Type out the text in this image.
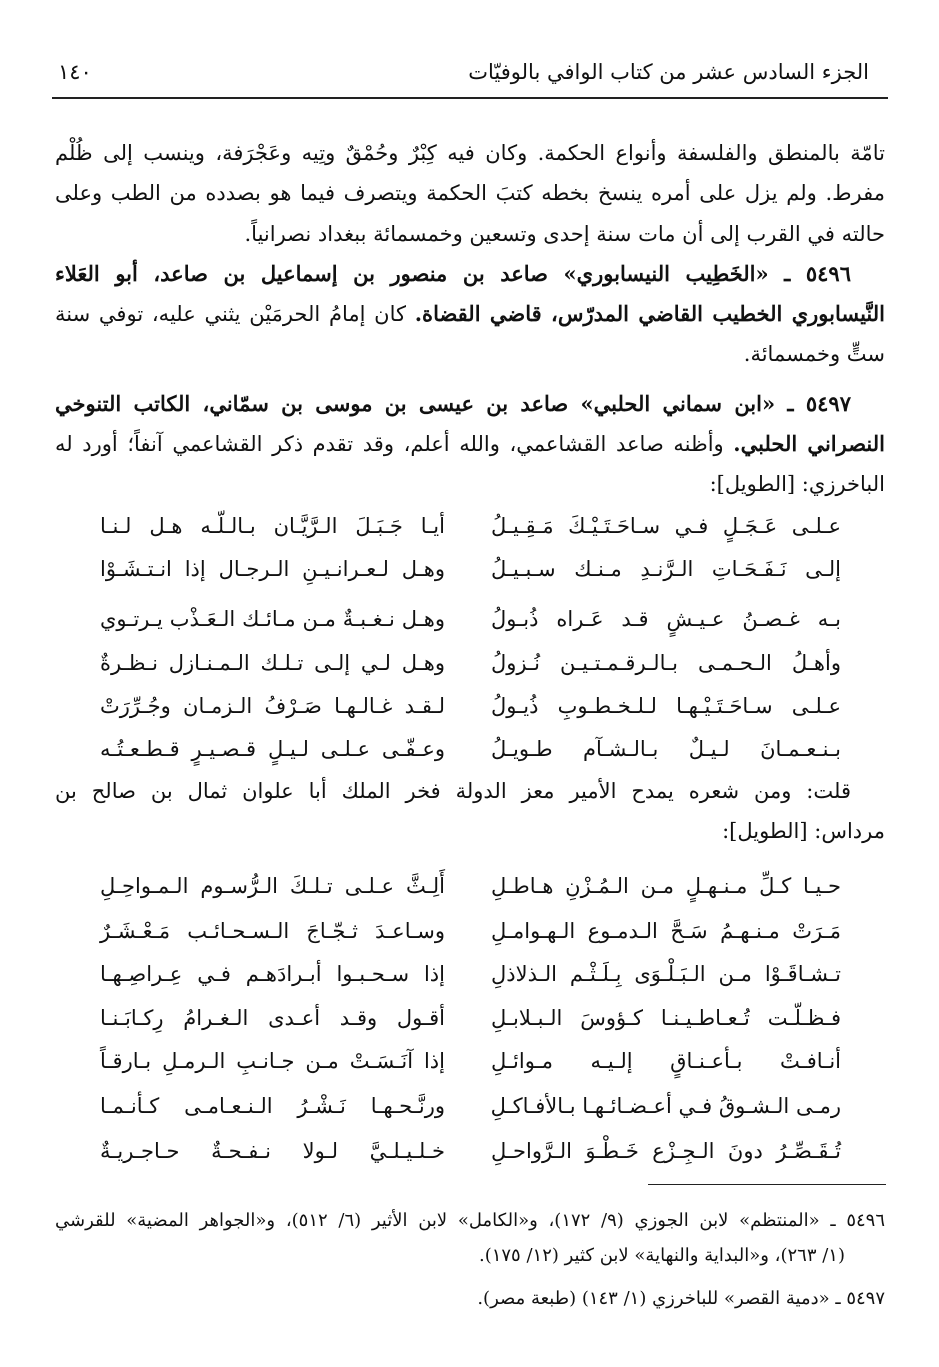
١٤٠	الجزء السادس عشر من كتاب الوافي بالوفيّات
تامّة بالمنطق والفلسفة وأنواع الحكمة. وكان فيه كِبْرٌ وحُمْقٌ وتِيه وعَجْرَفة، وينسب إلى ظُلْم
مفرط. ولم يزل على أمره ينسخ بخطه كتبَ الحكمة ويتصرف فيما هو بصدده من الطب وعلى
حالته في القرب إلى أن مات سنة إحدى وتسعين وخمسمائة ببغداد نصرانياً.
٥٤٩٦ ـ «الخَطِيب النيسابوري» صاعد بن منصور بن إسماعيل بن صاعد، أبو العَلاء
النَّيسابوري الخطيب القاضي المدرّس، قاضي القضاة. كان إمامُ الحرمَيْن يثني عليه، توفي سنة
ستٍّ وخمسمائة.
٥٤٩٧ ـ «ابن سماني الحلبي» صاعد بن عيسى بن موسى بن سمّاني، الكاتب التنوخي
النصراني الحلبي. وأظنه صاعد القشاعمي، والله أعلم، وقد تقدم ذكر القشاعمي آنفاً؛ أورد له
الباخرزي: [الطويل]:
قلت: ومن شعره يمدح الأمير معز الدولة فخر الملك أبا علوان ثمال بن صالح بن
مرداس: [الطويل]:
٥٤٩٦ ـ «المنتظم» لابن الجوزي (٩/ ١٧٢)، و«الكامل» لابن الأثير (٦/ ٥١٢)، و«الجواهر المضية» للقرشي
(١/ ٢٦٣)، و«البداية والنهاية» لابن كثير (١٢/ ١٧٥).
٥٤٩٧ ـ «دمية القصر» للباخرزي (١/ ١٤٣) (طبعة مصر).
أيـا جَـبَـلَ الـرَّيَّـان بـالـلّـه هـل لـنـا عـلـى عَـجَـلٍ فـي سـاحَـتَـيْـكَ مَـقِـيـلُ
وهـل لـعـرانـيـنِ الـرجـال إذا انـتـشَـوْا إلـى نَـفَـحَـاتِ الـرَّنـدِ مـنـك سـبـيـلُ
وهـل نـغـبـةٌ مـن مـائـك الـعَـذْب يـرتـوي بـه غـصـنُ عـيـشٍ قـد عَـراه ذُبـولُ
وهـل لـي إلـى تـلـك الـمـنـازل نـظـرةٌ وأهـلُ الـحـمـى بـالـرقـمـتـيـن نُـزولُ
لـقـد غـالـهـا صَـرْفُ الـزمـان وجُـرِّرَتْ عـلـى سـاحَـتَـيْـهـا لـلـخـطـوبِ ذُيـولُ
وعـفّـى عـلـى لـيـلٍ قـصـيـرٍ قـطـعـتُـه بـنـعـمـانَ لـيـلٌ بـالـشـآم طـويـلُ
أَلِـثَّ عـلـى تـلـكَ الـرُّسـوم الـمـواحِـلِ حـيـا كـلِّ مـنـهـلٍ مـن الـمُـزْنِ هـاطـلِ
وسـاعـدَ ثـجّـاجَ الـسـحـائـب مَـعْـشَـرٌ مَـرَتْ مـنـهـمُ سَـحَّ الـدمـوع الـهـوامـلِ
إذا سـحـبـوا أبـرادَهـم فـي عِـراصِـهـا تـشـاقَـوْا مـن الـبَـلْـوَى بِـلَـثْـم الـذلاذلِ
أقـول وقـد أعـدى الـغـرامُ رِكـابَـنـا فـظـلّـت تُـعـاطـيـنـا كـؤوسَ الـبـلابـلِ
إذا آنَـسَـتْ مـن جـانـبِ الـرمـلِ بـارقـاً أنـافـتْ بـأعـنـاقٍ إلـيـه مـوائـلِ
ورنَّـحـهـا نَـشْـرُ الـنـعـامـى كـأنـمـا رمـى الـشـوقُ فـي أعـضـائـهـا بـالأفـاكـلِ
خـلـيـلـيَّ لـولا نـفـحـةٌ حـاجـريـةٌ تُـقَـصِّـرُ دونَ الـجِـزْع خَـطْـوَ الـرَّواحـلِ
